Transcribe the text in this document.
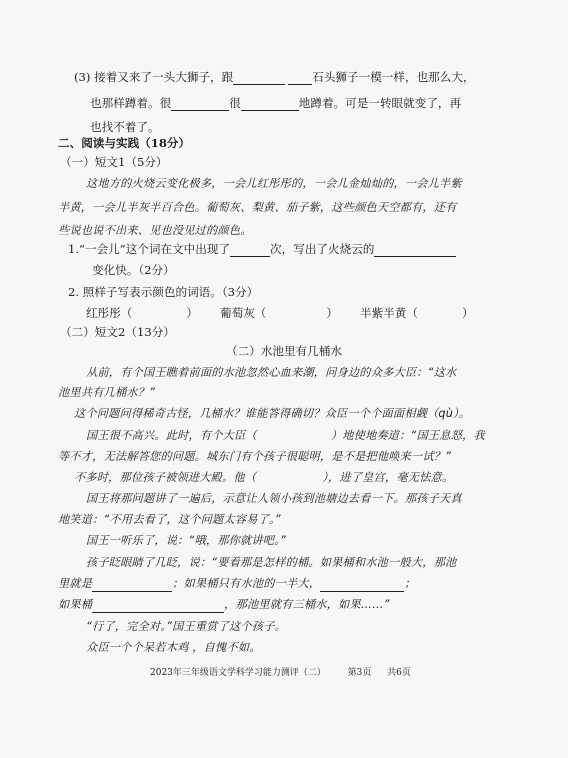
(3) 接着又来了一头大狮子，跟	石头狮子一模一样，也那么大，
也那样蹲着。很	很	地蹲着。可是一转眼就变了，再
也找不着了。
二、阅读与实践（18分）
（一）短文1（5分）
这地方的火烧云变化极多，一会儿红彤彤的，一会儿金灿灿的，一会儿半紫
半黄，一会儿半灰半百合色。葡萄灰、梨黄、茄子紫，这些颜色天空都有，还有
些说也说不出来、见也没见过的颜色。
1.“一会儿”这个词在文中出现了	次，写出了火烧云的
变化快。（2分）
2. 照样子写表示颜色的词语。（3分）
红彤彤（	） 葡萄灰（	） 半紫半黄（	）
（二）短文2（13分）
（二）水池里有几桶水
从前，有个国王瞧着前面的水池忽然心血来潮，问身边的众多大臣：“这水
池里共有几桶水？”
这个问题问得稀奇古怪，几桶水？谁能答得确切？众臣一个个面面相觑（qù）。
国王很不高兴。此时，有个大臣（	）地使地奏道：“国王息怒，我
等不才，无法解答您的问题。城东门有个孩子很聪明，是不是把他唤来一试？”
不多时，那位孩子被领进大殿。他（	），进了皇宫，毫无怯意。
国王将那问题讲了一遍后，示意让人领小孩到池塘边去看一下。那孩子天真
地笑道：“不用去看了，这个问题太容易了。”
国王一听乐了，说：“哦，那你就讲吧。”
孩子眨眼睛了几眨，说：“要看那是怎样的桶。如果桶和水池一般大，那池
里就是	；如果桶只有水池的一半大，	；
如果桶	，那池里就有三桶水，如果……”
“行了，完全对。”国王重赏了这个孩子。
众臣一个个呆若木鸡 ，自愧不如。
2023年三年级语文学科学习能力测评（二） 第3页 共6页
